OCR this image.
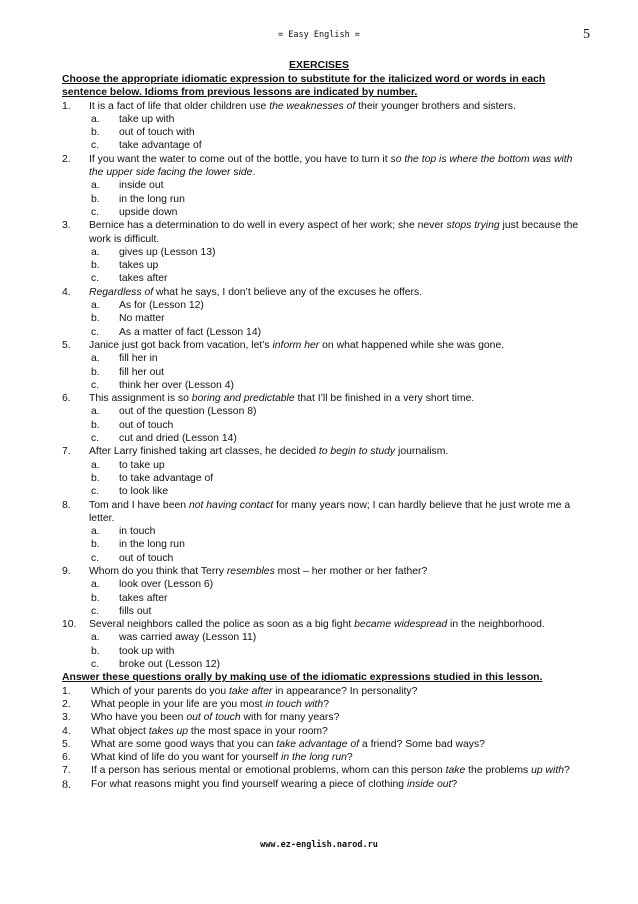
= Easy English =	5
EXERCISES
Choose the appropriate idiomatic expression to substitute for the italicized word or words in each sentence below. Idioms from previous lessons are indicated by number.
1. It is a fact of life that older children use the weaknesses of their younger brothers and sisters.
a. take up with
b. out of touch with
c. take advantage of
2. If you want the water to come out of the bottle, you have to turn it so the top is where the bottom was with the upper side facing the lower side.
a. inside out
b. in the long run
c. upside down
3. Bernice has a determination to do well in every aspect of her work; she never stops trying just because the work is difficult.
a. gives up (Lesson 13)
b. takes up
c. takes after
4. Regardless of what he says, I don’t believe any of the excuses he offers.
a. As for (Lesson 12)
b. No matter
c. As a matter of fact (Lesson 14)
5. Janice just got back from vacation, let’s inform her on what happened while she was gone.
a. fill her in
b. fill her out
c. think her over (Lesson 4)
6. This assignment is so boring and predictable that I’ll be finished in a very short time.
a. out of the question (Lesson 8)
b. out of touch
c. cut and dried (Lesson 14)
7. After Larry finished taking art classes, he decided to begin to study journalism.
a. to take up
b. to take advantage of
c. to look like
8. Tom and I have been not having contact for many years now; I can hardly believe that he just wrote me a letter.
a. in touch
b. in the long run
c. out of touch
9. Whom do you think that Terry resembles most – her mother or her father?
a. look over (Lesson 6)
b. takes after
c. fills out
10. Several neighbors called the police as soon as a big fight became widespread in the neighborhood.
a. was carried away (Lesson 11)
b. took up with
c. broke out (Lesson 12)
Answer these questions orally by making use of the idiomatic expressions studied in this lesson.
1. Which of your parents do you take after in appearance? In personality?
2. What people in your life are you most in touch with?
3. Who have you been out of touch with for many years?
4. What object takes up the most space in your room?
5. What are some good ways that you can take advantage of a friend? Some bad ways?
6. What kind of life do you want for yourself in the long run?
7. If a person has serious mental or emotional problems, whom can this person take the problems up with?
8. For what reasons might you find yourself wearing a piece of clothing inside out?
www.ez-english.narod.ru
